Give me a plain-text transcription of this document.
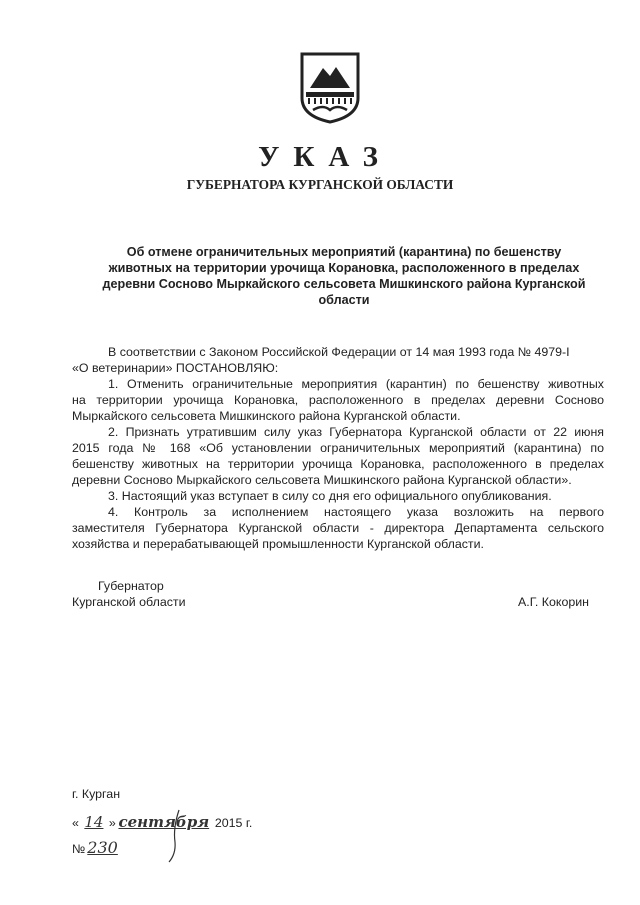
УКАЗ
ГУБЕРНАТОРА КУРГАНСКОЙ ОБЛАСТИ
Об отмене ограничительных мероприятий (карантина) по бешенству
животных на территории урочища Корановка, расположенного в пределах
деревни Сосново Мыркайского сельсовета Мишкинского района Курганской
области
В соответствии с Законом Российской Федерации от 14 мая 1993 года № 4979-I
«О ветеринарии» ПОСТАНОВЛЯЮ:
1. Отменить ограничительные мероприятия (карантин) по бешенству животных
на территории урочища Корановка, расположенного в пределах деревни Сосново
Мыркайского сельсовета Мишкинского района Курганской области.
2. Признать утратившим силу указ Губернатора Курганской области от 22 июня
2015 года № 168 «Об установлении ограничительных мероприятий (карантина) по
бешенству животных на территории урочища Корановка, расположенного в пределах
деревни Сосново Мыркайского сельсовета Мишкинского района Курганской области».
3. Настоящий указ вступает в силу со дня его официального опубликования.
4. Контроль за исполнением настоящего указа возложить на первого
заместителя Губернатора Курганской области - директора Департамента сельского
хозяйства и перерабатывающей промышленности Курганской области.
Губернатор
Курганской области	А.Г. Кокорин
г. Курган
« 14 » сентября 2015 г.
№ 230
